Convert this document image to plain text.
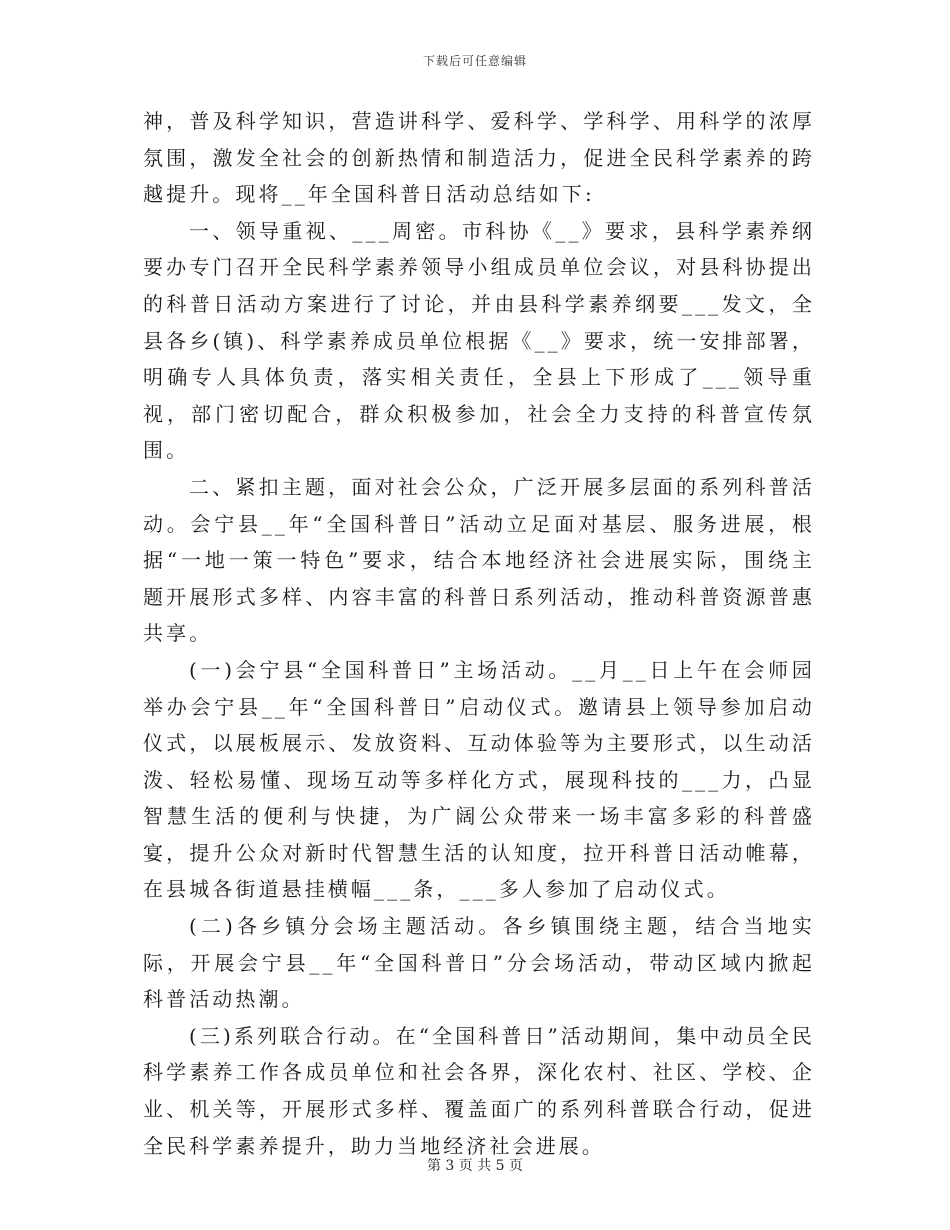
下载后可任意编辑

神，普及科学知识，营造讲科学、爱科学、学科学、用科学的浓厚氛围，激发全社会的创新热情和制造活力，促进全民科学素养的跨越提升。现将__年全国科普日活动总结如下:

一、领导重视、___周密。市科协《__》要求，县科学素养纲要办专门召开全民科学素养领导小组成员单位会议，对县科协提出的科普日活动方案进行了讨论，并由县科学素养纲要___发文，全县各乡(镇)、科学素养成员单位根据《__》要求，统一安排部署，明确专人具体负责，落实相关责任，全县上下形成了___领导重视，部门密切配合，群众积极参加，社会全力支持的科普宣传氛围。

二、紧扣主题，面对社会公众，广泛开展多层面的系列科普活动。会宁县__年“全国科普日”活动立足面对基层、服务进展，根据“一地一策一特色”要求，结合本地经济社会进展实际，围绕主题开展形式多样、内容丰富的科普日系列活动，推动科普资源普惠共享。

(一)会宁县“全国科普日”主场活动。__月__日上午在会师园举办会宁县__年“全国科普日”启动仪式。邀请县上领导参加启动仪式，以展板展示、发放资料、互动体验等为主要形式，以生动活泼、轻松易懂、现场互动等多样化方式，展现科技的___力，凸显智慧生活的便利与快捷，为广阔公众带来一场丰富多彩的科普盛宴，提升公众对新时代智慧生活的认知度，拉开科普日活动帷幕，在县城各街道悬挂横幅___条，___多人参加了启动仪式。

(二)各乡镇分会场主题活动。各乡镇围绕主题，结合当地实际，开展会宁县__年“全国科普日”分会场活动，带动区域内掀起科普活动热潮。

(三)系列联合行动。在“全国科普日”活动期间，集中动员全民科学素养工作各成员单位和社会各界，深化农村、社区、学校、企业、机关等，开展形式多样、覆盖面广的系列科普联合行动，促进全民科学素养提升，助力当地经济社会进展。

第 3 页 共 5 页
